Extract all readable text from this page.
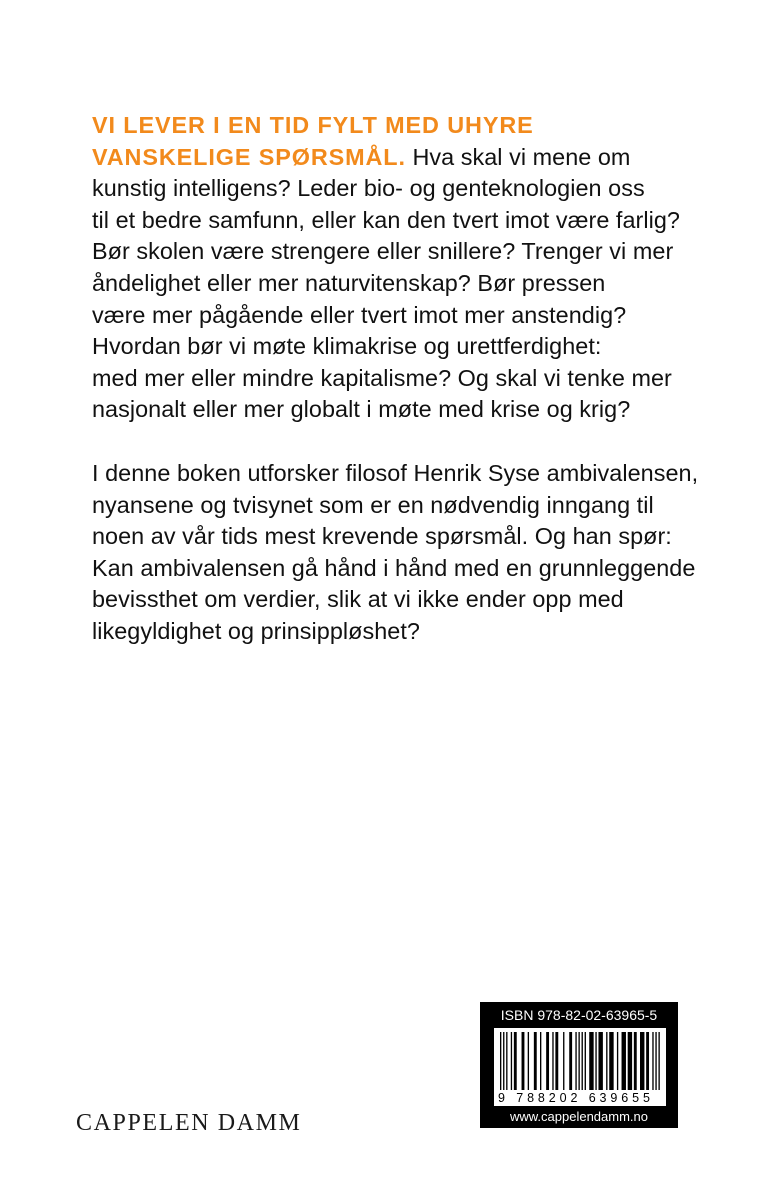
VI LEVER I EN TID FYLT MED UHYRE
VANSKELIGE SPØRSMÅL. Hva skal vi mene om
kunstig intelligens? Leder bio- og genteknologien oss
til et bedre samfunn, eller kan den tvert imot være farlig?
Bør skolen være strengere eller snillere? Trenger vi mer
åndelighet eller mer naturvitenskap? Bør pressen
være mer pågående eller tvert imot mer anstendig?
Hvordan bør vi møte klimakrise og urettferdighet:
med mer eller mindre kapitalisme? Og skal vi tenke mer
nasjonalt eller mer globalt i møte med krise og krig?

I denne boken utforsker filosof Henrik Syse ambivalensen,
nyansene og tvisynet som er en nødvendig inngang til
noen av vår tids mest krevende spørsmål. Og han spør:
Kan ambivalensen gå hånd i hånd med en grunnleggende
bevissthet om verdier, slik at vi ikke ender opp med
likegyldighet og prinsippløshet?

CAPPELEN DAMM
ISBN 978-82-02-63965-5
9 788202 639655
www.cappelendamm.no
